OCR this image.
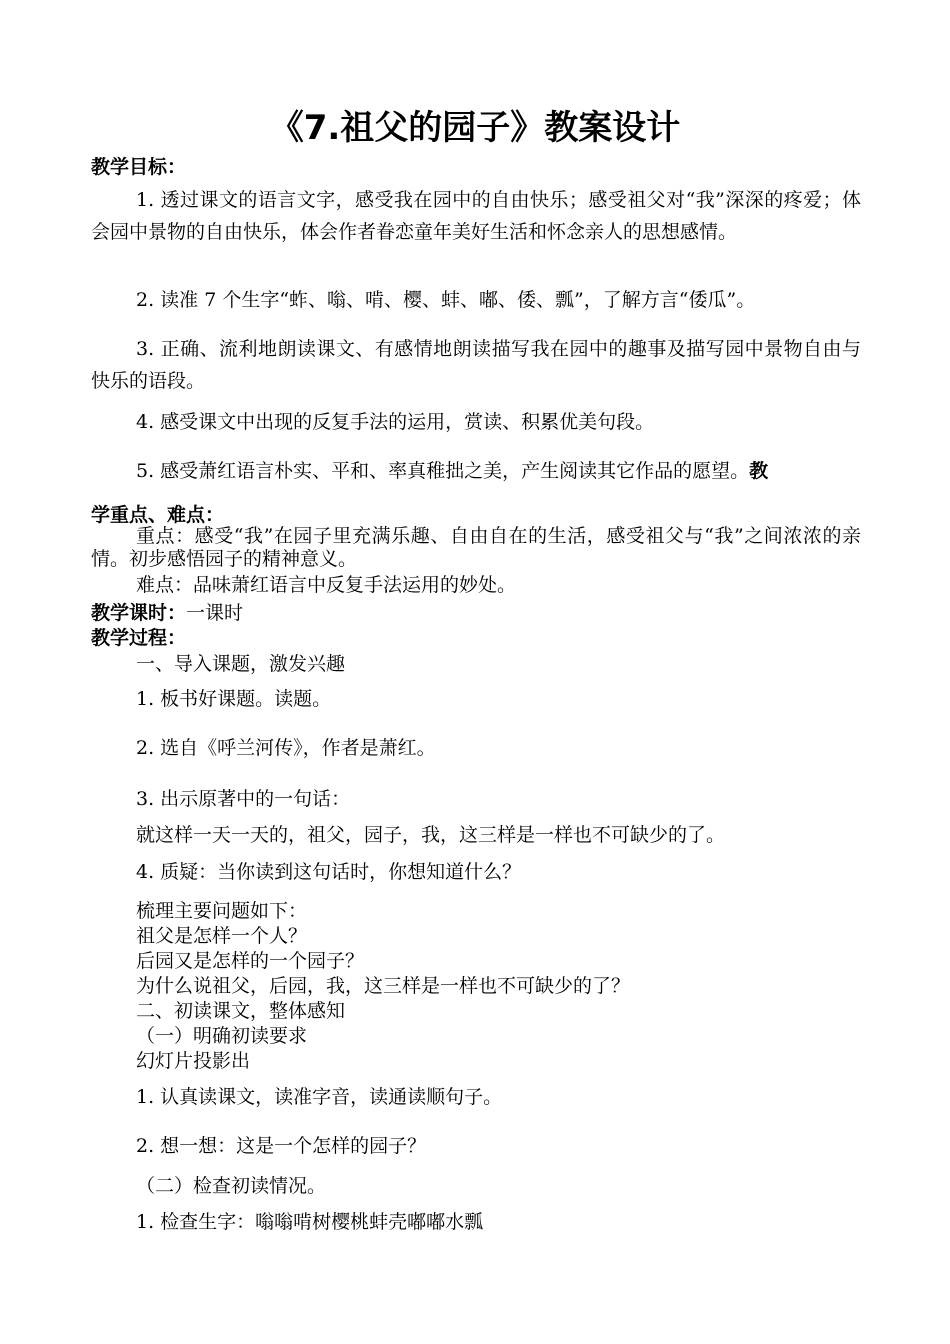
《7.祖父的园子》教案设计
教学目标：

1. 透过课文的语言文字，感受我在园中的自由快乐；感受祖父对“我”深深的疼爱；体会园中景物的自由快乐，体会作者眷恋童年美好生活和怀念亲人的思想感情。

2. 读准 7 个生字“蚱、嗡、啃、樱、蚌、嘟、倭、瓢”，了解方言“倭瓜”。

3. 正确、流利地朗读课文、有感情地朗读描写我在园中的趣事及描写园中景物自由与快乐的语段。

4. 感受课文中出现的反复手法的运用，赏读、积累优美句段。

5. 感受萧红语言朴实、平和、率真稚拙之美，产生阅读其它作品的愿望。教

学重点、难点：

重点：感受“我”在园子里充满乐趣、自由自在的生活，感受祖父与“我”之间浓浓的亲情。初步感悟园子的精神意义。

难点：品味萧红语言中反复手法运用的妙处。

教学课时：一课时
教学过程：
一、导入课题，激发兴趣
1. 板书好课题。读题。
2. 选自《呼兰河传》，作者是萧红。
3. 出示原著中的一句话：
就这样一天一天的，祖父，园子，我，这三样是一样也不可缺少的了。
4. 质疑：当你读到这句话时，你想知道什么？
梳理主要问题如下：
祖父是怎样一个人？
后园又是怎样的一个园子？
为什么说祖父，后园，我，这三样是一样也不可缺少的了？
二、初读课文，整体感知
（一）明确初读要求
幻灯片投影出
1. 认真读课文，读准字音，读通读顺句子。
2. 想一想：这是一个怎样的园子？
（二）检查初读情况。
1. 检查生字：嗡嗡啃树樱桃蚌壳嘟嘟水瓢
